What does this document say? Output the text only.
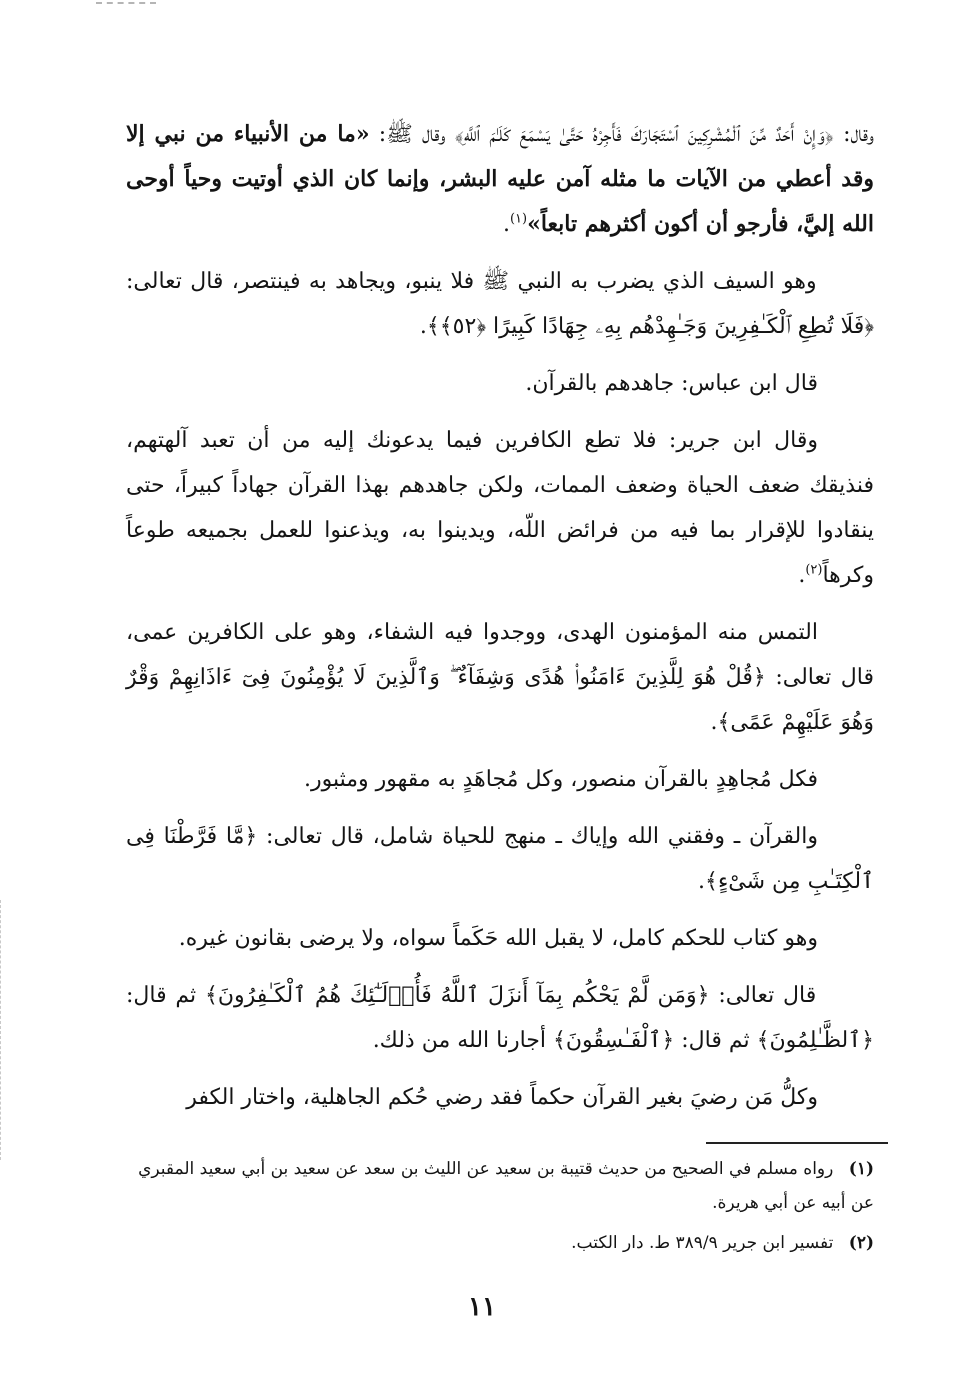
وقال: ﴿وَإِنْ أَحَدٌ مِّنَ ٱلْمُشْرِكِينَ ٱسْتَجَارَكَ فَأَجِرْهُ حَتَّىٰ يَسْمَعَ كَلَـٰمَ ٱللَّهِ﴾ وقال ﷺ: «ما من الأنبياء من نبي إلا وقد أعطي من الآيات ما مثله آمن عليه البشر، وإنما كان الذي أوتيت وحياً أوحى الله إليَّ، فأرجو أن أكون أكثرهم تابعاً»$^{(١)}$.

وهو السيف الذي يضرب به النبي ﷺ فلا ينبو، ويجاهد به فينتصر، قال تعالى: ﴿فَلَا تُطِعِ ٱلْكَـٰفِرِينَ وَجَـٰهِدْهُم بِهِۦ جِهَادًا كَبِيرًا ﴿٥٢﴾﴾.

قال ابن عباس: جاهدهم بالقرآن.

وقال ابن جرير: فلا تطع الكافرين فيما يدعونك إليه من أن تعبد آلهتهم، فنذيقك ضعف الحياة وضعف الممات، ولكن جاهدهم بهذا القرآن جهاداً كبيراً، حتى ينقادوا للإقرار بما فيه من فرائض اللّه، ويدينوا به، ويذعنوا للعمل بجميعه طوعاً وكرهاً$^{(٢)}$.

التمس منه المؤمنون الهدى، ووجدوا فيه الشفاء، وهو على الكافرين عمى، قال تعالى: ﴿قُلْ هُوَ لِلَّذِينَ ءَامَنُوا۟ هُدًى وَشِفَآءٌ ۖ وَٱلَّذِينَ لَا يُؤْمِنُونَ فِىٓ ءَاذَانِهِمْ وَقْرٌ وَهُوَ عَلَيْهِمْ عَمًى﴾.

فكل مُجاهِدٍ بالقرآن منصور، وكل مُجاهَدٍ به مقهور ومثبور.

والقرآن ـ وفقني الله وإياك ـ منهج للحياة شامل، قال تعالى: ﴿مَّا فَرَّطْنَا فِى ٱلْكِتَـٰبِ مِن شَىْءٍ﴾.

وهو كتاب للحكم كامل، لا يقبل الله حَكَماً سواه، ولا يرضى بقانون غيره.

قال تعالى: ﴿وَمَن لَّمْ يَحْكُم بِمَآ أَنزَلَ ٱللَّهُ فَأُو۟لَـٰٓئِكَ هُمُ ٱلْكَـٰفِرُونَ﴾ ثم قال: ﴿ٱلظَّـٰلِمُونَ﴾ ثم قال: ﴿ٱلْفَـٰسِقُونَ﴾ أجارنا الله من ذلك.

وكلُّ مَن رضيَ بغير القرآن حكماً فقد رضي حُكم الجاهلية، واختار الكفر

(١) رواه مسلم في الصحيح من حديث قتيبة بن سعيد عن الليث بن سعد عن سعيد بن أبي سعيد المقبري عن أبيه عن أبي هريرة.

(٢) تفسير ابن جرير ٣٨٩/٩ ط. دار الكتب.

١١
